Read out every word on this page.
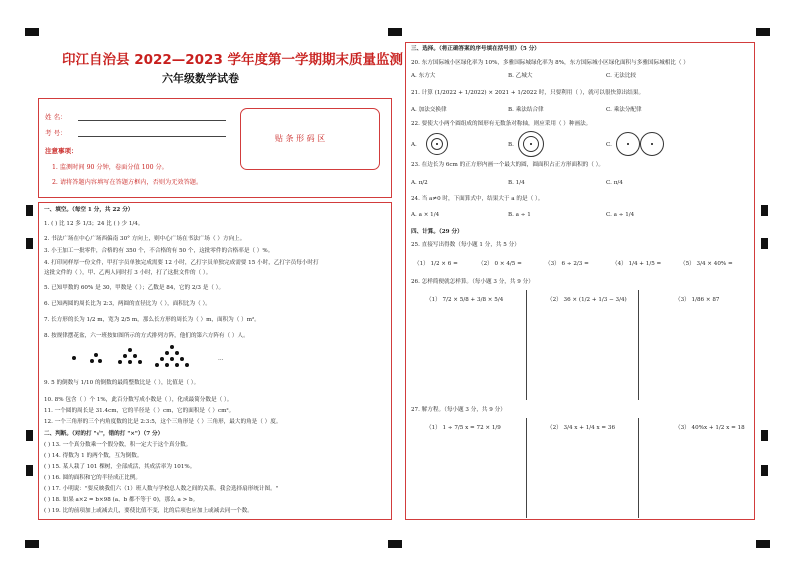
印江自治县 2022—2023 学年度第一学期期末质量监测
六年级数学试卷
姓 名：
考 号：
贴 条 形 码 区
注意事项：
1. 监测时间 90 分钟，卷面分值 100 分。
2. 请将答题内容填写在答题方框内，否则为无效答题。
一、填空。（每空 1 分，共 22 分）
1. ( ) 比 12 多 1/3；24 比 ( ) 少 1/4。
2. 书法广场在中心广场西偏南 30° 方向上，则中心广场在书法广场（ ）方向上。
3. 小王加工一批零件，合格的有 350 个，不合格的有 50 个，这批零件的合格率是（ ）%。
4. 打印同样厚一份文件，甲打字员单独完成需要 12 小时，乙打字员单独完成需要 15 小时，乙打字员每小时打
这批文件的（ ），甲、乙两人同时打 3 小时，打了这批文件的（ ）。
5. 已知甲数的 60% 是 30，甲数是（ ）；乙数是 84，它的 2/3 是（ ）。
6. 已知两圆的周长比为 2:3，两圆的直径比为（ ），面积比为（ ）。
7. 长方形的长为 1/2 m，宽为 2/5 m，那么长方形的周长为（ ）m，面积为（ ）m²。
8. 按规律摆花盆，六一班按如图所示的方式排列方阵，他们的第六方阵有（ ）人。
…
9. 5 的倒数与 1/10 的倒数的最简整数比是（ ），比值是（ ）。
10. 8% 包含（ ）个 1%，此百分数写成小数是（ ），化成最简分数是（ ）。
11. 一个圆的周长是 31.4cm，它的半径是（ ）cm，它的面积是（ ）cm²。
12. 一个三角形的三个内角度数的比是 2:3:5，这个三角形是（ ）三角形，最大的角是（ ）度。
二、判断。（对的打 "√"，错的打 "×"）（7 分）
( ) 13. 一个真分数乘一个假分数，积一定大于这个真分数。
( ) 14. 得数为 1 的两个数，互为倒数。
( ) 15. 某人栽了 101 棵树，全部成活，其成活率为 101%。
( ) 16. 圆的面积和它的半径成正比例。
( ) 17. 小明说："要反映我们六（1）班人数与学校总人数之间的关系，我会选择扇形统计图。"
( ) 18. 如果 a×2 = b×98 (a、b 都不等于 0)，那么 a > b。
( ) 19. 比的前项加上或减去几，要使比值不变，比的后项也应加上或减去同一个数。
三、选择。（将正确答案的序号填在括号里）（5 分）
20. 东方国际城小区绿化率为 10%，多雅国际城绿化率为 8%，东方国际城小区绿化面积与多雅国际城相比（ ）
A. 东方大	B. 乙城大	C. 无法比较
21. 计算 (1/2022 + 1/2022) × 2021 + 1/2022 时，只要利用（ ），就可以很快算出结果。
A. 加法交换律	B. 乘法结合律	C. 乘法分配律
22. 要使大小两个圆组成的图形有无数条对称轴，则应采用（ ）种画法。
A.	B.	C.
23. 在边长为 6cm 的正方形内画一个最大的圆，圆面积占正方形面积的（ ）。
A. π/2	B. 1/4	C. π/4
24. 当 a≠0 时，下面算式中，结果大于 a 的是（ ）。
A. a × 1/4	B. a ÷ 1	C. a ÷ 1/4
四、计算。（29 分）
25. 直接写出得数（每小题 1 分，共 5 分）
（1） 1/2 × 6 =	（2） 0 × 4/5 =	（3） 6 ÷ 2/3 =	（4） 1/4 + 1/5 =	（5） 3/4 × 40% =
26. 怎样简便就怎样算。（每小题 3 分，共 9 分）
（1） 7/2 × 5/8 + 3/8 × 5/4	（2） 36 × (1/2 + 1/3 − 3/4)	（3） 1/86 × 87
27. 解方程。（每小题 3 分，共 9 分）
（1） 1 ÷ 7/5 x = 72 × 1/9	（2） 3/4 x + 1/4 x = 36	（3） 40%x + 1/2 x = 18
